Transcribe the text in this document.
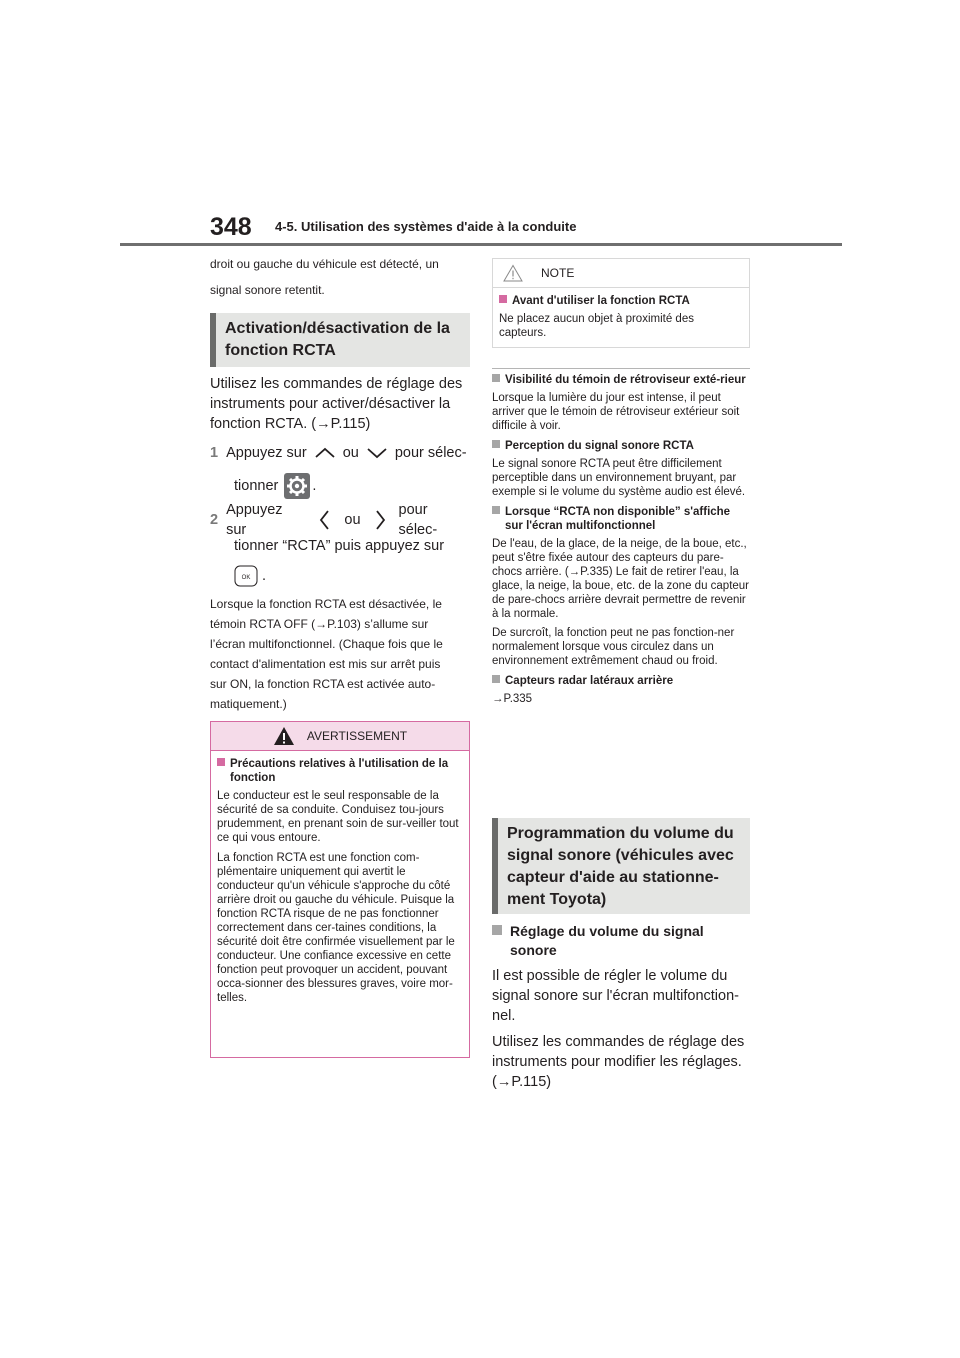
348 4-5. Utilisation des systèmes d'aide à la conduite
droit ou gauche du véhicule est détecté, un
signal sonore retentit.
Activation/désactivation de la fonction RCTA
Utilisez les commandes de réglage des
instruments pour activer/désactiver la
fonction RCTA. (→P.115)
1 Appuyez sur ou pour sélec-
tionner .
2
Appuyez sur
ou
pour sélec-
tionner “RCTA” puis appuyez sur
OK .
Lorsque la fonction RCTA est désactivée, le
témoin RCTA OFF (→P.103) s’allume sur
l’écran multifonctionnel. (Chaque fois que le
contact d'alimentation est mis sur arrêt puis
sur ON, la fonction RCTA est activée auto-
matiquement.)
AVERTISSEMENT
Précautions relatives à l'utilisation de la fonction

Le conducteur est le seul responsable de la sécurité de sa conduite. Conduisez tou-jours prudemment, en prenant soin de sur-veiller tout ce qui vous entoure.

La fonction RCTA est une fonction com-plémentaire uniquement qui avertit le conducteur qu'un véhicule s'approche du côté arrière droit ou gauche du véhicule. Puisque la fonction RCTA risque de ne pas fonctionner correctement dans cer-taines conditions, la sécurité doit être confirmée visuellement par le conducteur. Une confiance excessive en cette fonction peut provoquer un accident, pouvant occa-sionner des blessures graves, voire mor-telles.

NOTE
Avant d'utiliser la fonction RCTA

Ne placez aucun objet à proximité des capteurs.

Visibilité du témoin de rétroviseur exté-rieur

Lorsque la lumière du jour est intense, il peut arriver que le témoin de rétroviseur extérieur soit difficile à voir.

Perception du signal sonore RCTA

Le signal sonore RCTA peut être difficilement perceptible dans un environnement bruyant, par exemple si le volume du système audio est élevé.

Lorsque “RCTA non disponible” s'affiche sur l'écran multifonctionnel

De l'eau, de la glace, de la neige, de la boue, etc., peut s'être fixée autour des capteurs du pare-chocs arrière. (→P.335) Le fait de retirer l'eau, la glace, la neige, la boue, etc. de la zone du capteur de pare-chocs arrière devrait permettre de revenir à la normale.

De surcroît, la fonction peut ne pas fonction-ner normalement lorsque vous circulez dans un environnement extrêmement chaud ou froid.

Capteurs radar latéraux arrière

→P.335

Programmation du volume du signal sonore (véhicules avec capteur d'aide au stationne-ment Toyota)
Réglage du volume du signal sonore
Il est possible de régler le volume du signal sonore sur l'écran multifonction-nel.
Utilisez les commandes de réglage des instruments pour modifier les réglages. (→P.115)
